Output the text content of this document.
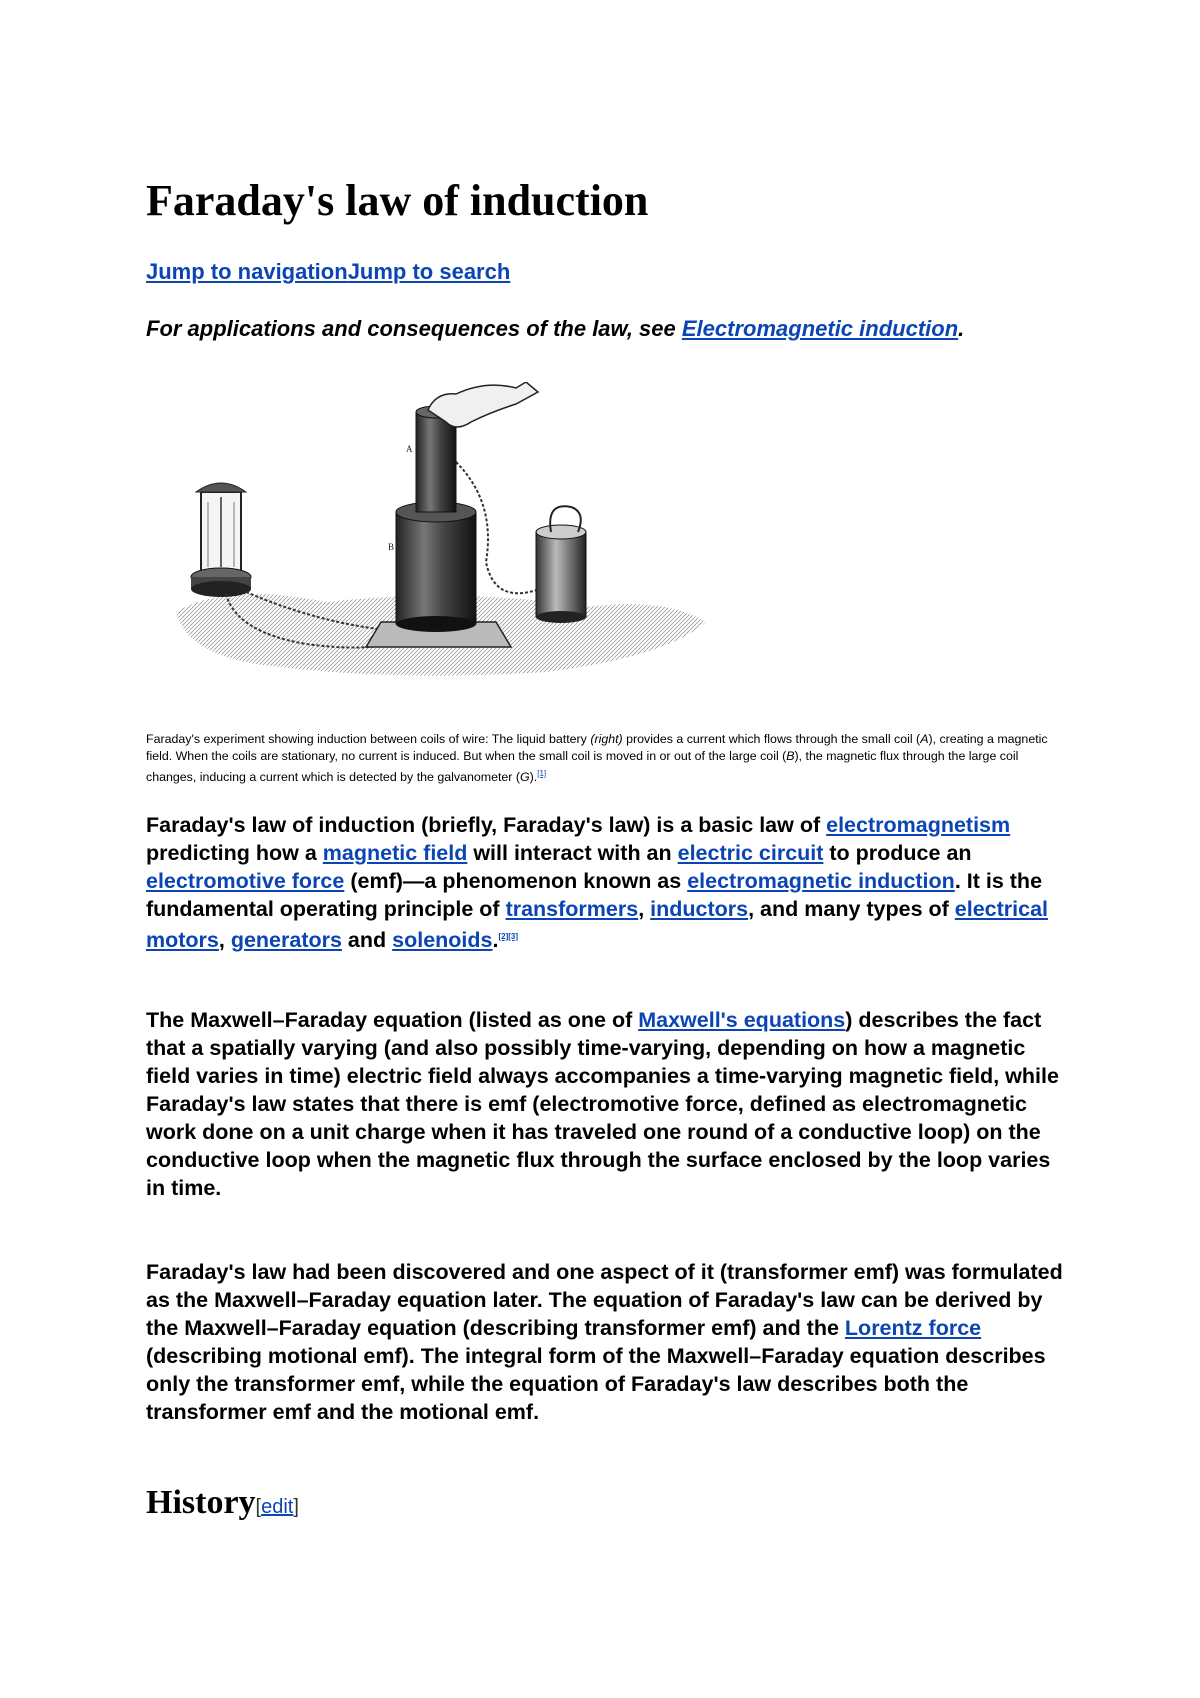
Faraday's law of induction
Jump to navigationJump to search
For applications and consequences of the law, see Electromagnetic induction.
B
A
Faraday's experiment showing induction between coils of wire: The liquid battery (right) provides a current which flows through the small coil (A), creating a magnetic field. When the coils are stationary, no current is induced. But when the small coil is moved in or out of the large coil (B), the magnetic flux through the large coil changes, inducing a current which is detected by the galvanometer (G).[1]
Faraday's law of induction (briefly, Faraday's law) is a basic law of electromagnetism predicting how a magnetic field will interact with an electric circuit to produce an electromotive force (emf)—a phenomenon known as electromagnetic induction. It is the fundamental operating principle of transformers, inductors, and many types of electrical motors, generators and solenoids.[2][3]
The Maxwell–Faraday equation (listed as one of Maxwell's equations) describes the fact that a spatially varying (and also possibly time-varying, depending on how a magnetic field varies in time) electric field always accompanies a time-varying magnetic field, while Faraday's law states that there is emf (electromotive force, defined as electromagnetic work done on a unit charge when it has traveled one round of a conductive loop) on the conductive loop when the magnetic flux through the surface enclosed by the loop varies in time.
Faraday's law had been discovered and one aspect of it (transformer emf) was formulated as the Maxwell–Faraday equation later. The equation of Faraday's law can be derived by the Maxwell–Faraday equation (describing transformer emf) and the Lorentz force (describing motional emf). The integral form of the Maxwell–Faraday equation describes only the transformer emf, while the equation of Faraday's law describes both the transformer emf and the motional emf.
History[edit]
